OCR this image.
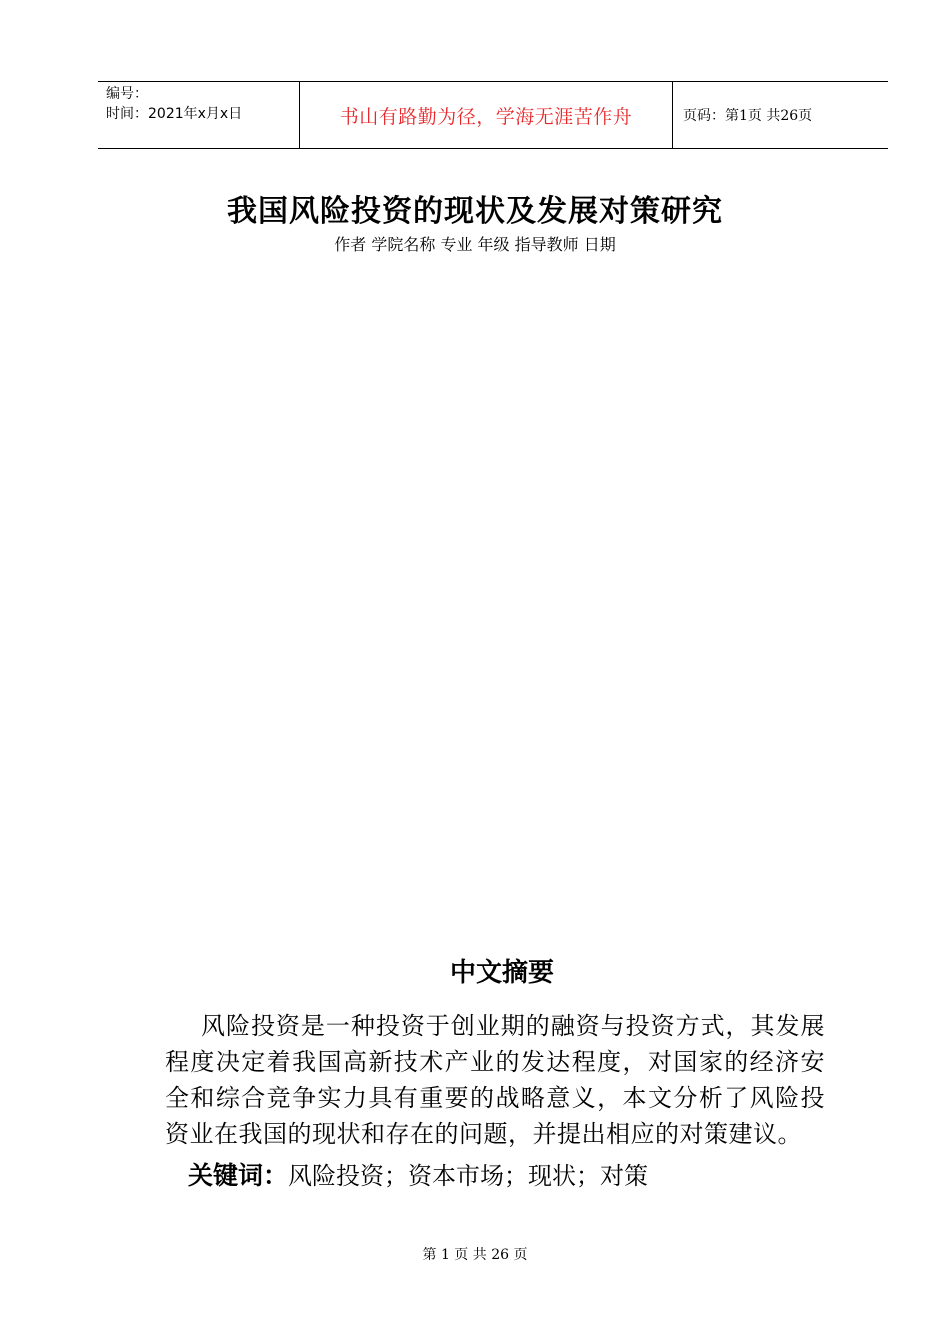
编号：
时间：2021年x月x日	书山有路勤为径，学海无涯苦作舟	页码：第1页 共26页
我国风险投资的现状及发展对策研究
作者 学院名称 专业 年级 指导教师 日期
中文摘要
风险投资是一种投资于创业期的融资与投资方式，其发展程度决定着我国高新技术产业的发达程度，对国家的经济安全和综合竞争实力具有重要的战略意义，本文分析了风险投资业在我国的现状和存在的问题，并提出相应的对策建议。
关键词：风险投资；资本市场；现状；对策
第 1 页 共 26 页
